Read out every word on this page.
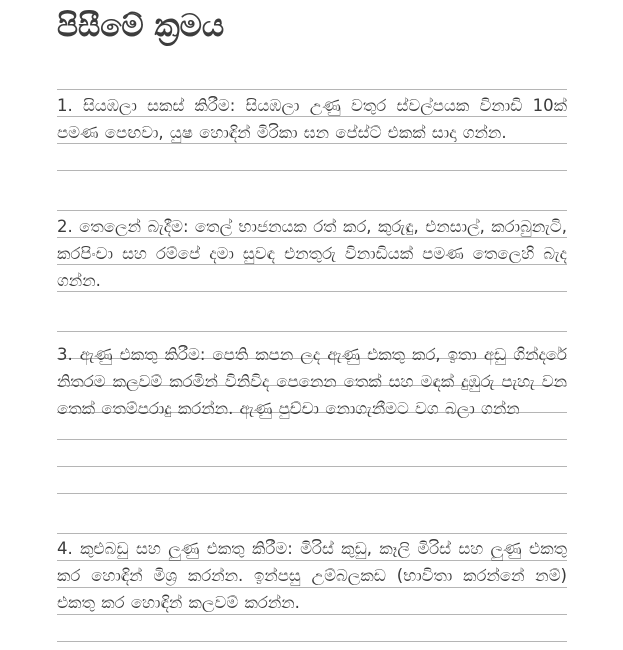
පිසීමේ ක්‍රමය

1. සියඹලා සකස් කිරීම: සියඹලා උණු වතුර ස්වල්පයක විනාඩි 10ක් පමණ පෙඟවා, යුෂ හොඳින් මිරිකා ඝන පේස්ට් එකක් සාදා ගන්න.

2. තෙලෙන් බැදීම: තෙල් භාජනයක රත් කර, කුරුඳු, එනසාල්, කරාබුනැටි, කරපිංචා සහ රම්පේ දමා සුවඳ එනතුරු විනාඩියක් පමණ තෙලෙහි බැද ගන්න.

3. ඇණු එකතු කිරීම: පෙති කපන ලද ඇණු එකතු කර, ඉතා අඩු ගින්දරේ නිතරම කලවම් කරමින් විනිවිද පෙනෙන තෙක් සහ මඳක් දුඹුරු පැහැ වන තෙක් තෙම්පරාදු කරන්න. ඇණු පුච්චා නොගැනීමට වග බලා ගන්න

4. කුළුබඩු සහ ලුණු එකතු කිරීම: මිරිස් කුඩු, කෑලි මිරිස් සහ ලුණු එකතු කර හොඳින් මිශ්‍ර කරන්න. ඉන්පසු උම්බලකඩ (භාවිතා කරන්නේ නම්) එකතු කර හොඳින් කලවම් කරන්න.
